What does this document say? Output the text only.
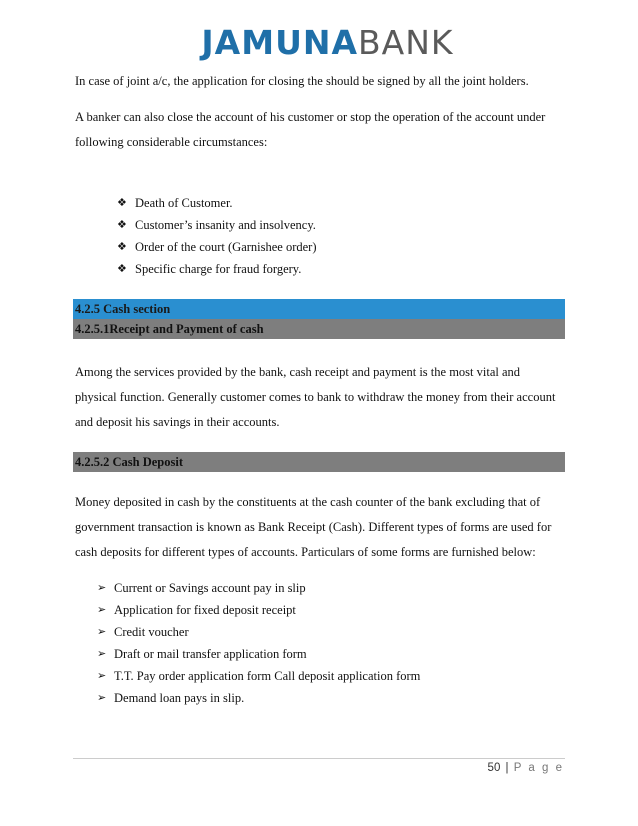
JAMUNA BANK
In case of joint a/c, the application for closing the should be signed by all the joint holders.
A banker can also close the account of his customer or stop the operation of the account under
following considerable circumstances:
❖ Death of Customer.
❖ Customer’s insanity and insolvency.
❖ Order of the court (Garnishee order)
❖ Specific charge for fraud forgery.
4.2.5 Cash section
4.2.5.1Receipt and Payment of cash
Among the services provided by the bank, cash receipt and payment is the most vital and
physical function. Generally customer comes to bank to withdraw the money from their account
and deposit his savings in their accounts.
4.2.5.2 Cash Deposit
Money deposited in cash by the constituents at the cash counter of the bank excluding that of
government transaction is known as Bank Receipt (Cash). Different types of forms are used for
cash deposits for different types of accounts. Particulars of some forms are furnished below:
➢ Current or Savings account pay in slip
➢ Application for fixed deposit receipt
➢ Credit voucher
➢ Draft or mail transfer application form
➢ T.T. Pay order application form Call deposit application form
➢ Demand loan pays in slip.
50 | P a g e
